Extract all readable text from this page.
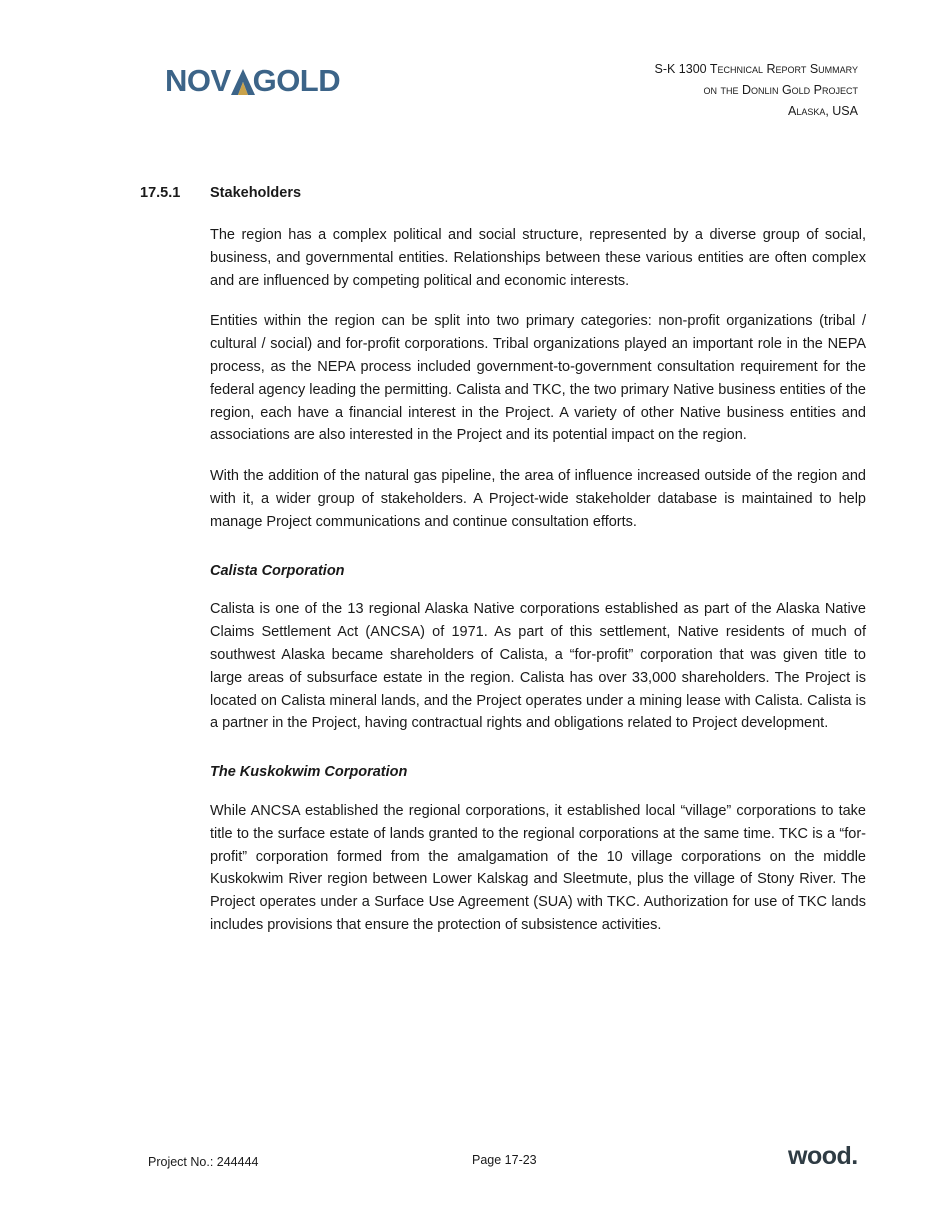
NOV GOLD	S-K 1300 Technical Report Summary
on the Donlin Gold Project
Alaska, USA
17.5.1 Stakeholders

The region has a complex political and social structure, represented by a diverse group of social, business, and governmental entities. Relationships between these various entities are often complex and are influenced by competing political and economic interests.

Entities within the region can be split into two primary categories: non-profit organizations (tribal / cultural / social) and for-profit corporations. Tribal organizations played an important role in the NEPA process, as the NEPA process included government-to-government consultation requirement for the federal agency leading the permitting. Calista and TKC, the two primary Native business entities of the region, each have a financial interest in the Project. A variety of other Native business entities and associations are also interested in the Project and its potential impact on the region.

With the addition of the natural gas pipeline, the area of influence increased outside of the region and with it, a wider group of stakeholders. A Project-wide stakeholder database is maintained to help manage Project communications and continue consultation efforts.

Calista Corporation

Calista is one of the 13 regional Alaska Native corporations established as part of the Alaska Native Claims Settlement Act (ANCSA) of 1971. As part of this settlement, Native residents of much of southwest Alaska became shareholders of Calista, a “for-profit” corporation that was given title to large areas of subsurface estate in the region. Calista has over 33,000 shareholders. The Project is located on Calista mineral lands, and the Project operates under a mining lease with Calista. Calista is a partner in the Project, having contractual rights and obligations related to Project development.

The Kuskokwim Corporation

While ANCSA established the regional corporations, it established local “village” corporations to take title to the surface estate of lands granted to the regional corporations at the same time. TKC is a “for-profit” corporation formed from the amalgamation of the 10 village corporations on the middle Kuskokwim River region between Lower Kalskag and Sleetmute, plus the village of Stony River. The Project operates under a Surface Use Agreement (SUA) with TKC. Authorization for use of TKC lands includes provisions that ensure the protection of subsistence activities.

Project No.: 244444	Page 17-23	wood.
